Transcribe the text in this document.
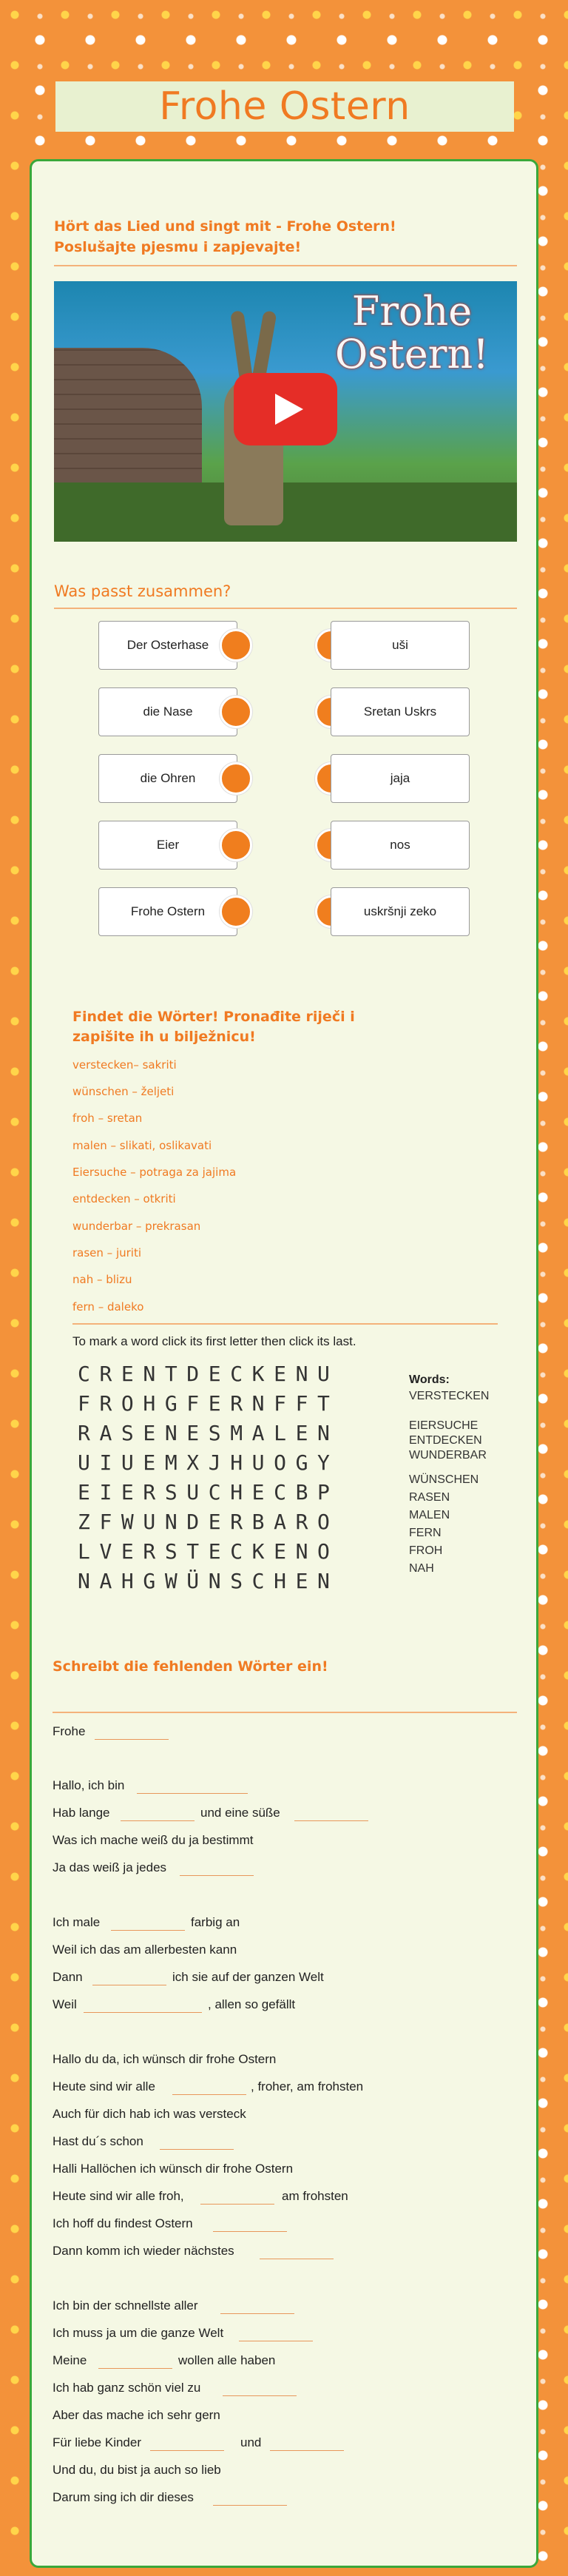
Frohe Ostern
Hört das Lied und singt mit - Frohe Ostern!
Poslušajte pjesmu i zapjevajte!
Frohe
Ostern!
Was passt zusammen?
Der Osterhase	uši
die Nase	Sretan Uskrs
die Ohren	jaja
Eier	nos
Frohe Ostern	uskršnji zeko
Findet die Wörter! Pronađite riječi i
zapišite ih u bilježnicu!
verstecken– sakriti
wünschen – željeti
froh – sretan
malen – slikati, oslikavati
Eiersuche – potraga za jajima
entdecken – otkriti
wunderbar – prekrasan
rasen – juriti
nah – blizu
fern – daleko
To mark a word click its first letter then click its last.
CRENTDECKENU
FROHGFERNFFT
RASENESMALEN
UIUEMXJHUOGY
EIERSUCHECBP
ZFWUNDERBARO
LVERSTECKENO
NAHGWÜNSCHEN
Words:
VERSTECKEN
EIERSUCHE
ENTDECKEN
WUNDERBAR
WÜNSCHEN
RASEN
MALEN
FERN
FROH
NAH
Schreibt die fehlenden Wörter ein!
Frohe
Hallo, ich bin
Hab lange	und eine süße
Was ich mache weiß du ja bestimmt
Ja das weiß ja jedes
Ich male	farbig an
Weil ich das am allerbesten kann
Dann	ich sie auf der ganzen Welt
Weil	, allen so gefällt
Hallo du da, ich wünsch dir frohe Ostern
Heute sind wir alle	, froher, am frohsten
Auch für dich hab ich was versteck
Hast du´s schon
Halli Hallöchen ich wünsch dir frohe Ostern
Heute sind wir alle froh,	am frohsten
Ich hoff du findest Ostern
Dann komm ich wieder nächstes
Ich bin der schnellste aller
Ich muss ja um die ganze Welt
Meine	wollen alle haben
Ich hab ganz schön viel zu
Aber das mache ich sehr gern
Für liebe Kinder	und
Und du, du bist ja auch so lieb
Darum sing ich dir dieses
